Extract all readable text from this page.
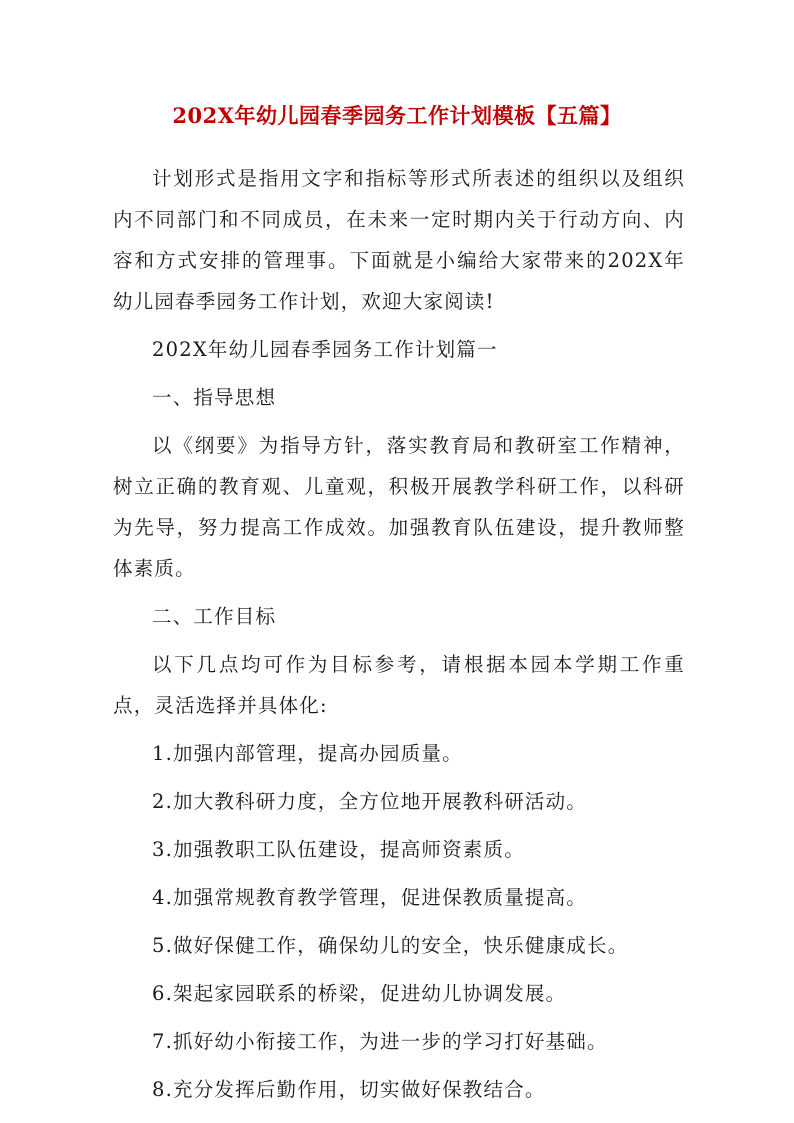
202X年幼儿园春季园务工作计划模板【五篇】

计划形式是指用文字和指标等形式所表述的组织以及组织内不同部门和不同成员，在未来一定时期内关于行动方向、内容和方式安排的管理事。下面就是小编给大家带来的202X年幼儿园春季园务工作计划，欢迎大家阅读!

202X年幼儿园春季园务工作计划篇一

一、指导思想

以《纲要》为指导方针，落实教育局和教研室工作精神，树立正确的教育观、儿童观，积极开展教学科研工作，以科研为先导，努力提高工作成效。加强教育队伍建设，提升教师整体素质。

二、工作目标

以下几点均可作为目标参考，请根据本园本学期工作重点，灵活选择并具体化:

1.加强内部管理，提高办园质量。

2.加大教科研力度，全方位地开展教科研活动。

3.加强教职工队伍建设，提高师资素质。

4.加强常规教育教学管理，促进保教质量提高。

5.做好保健工作，确保幼儿的安全，快乐健康成长。

6.架起家园联系的桥梁，促进幼儿协调发展。

7.抓好幼小衔接工作，为进一步的学习打好基础。

8.充分发挥后勤作用，切实做好保教结合。
